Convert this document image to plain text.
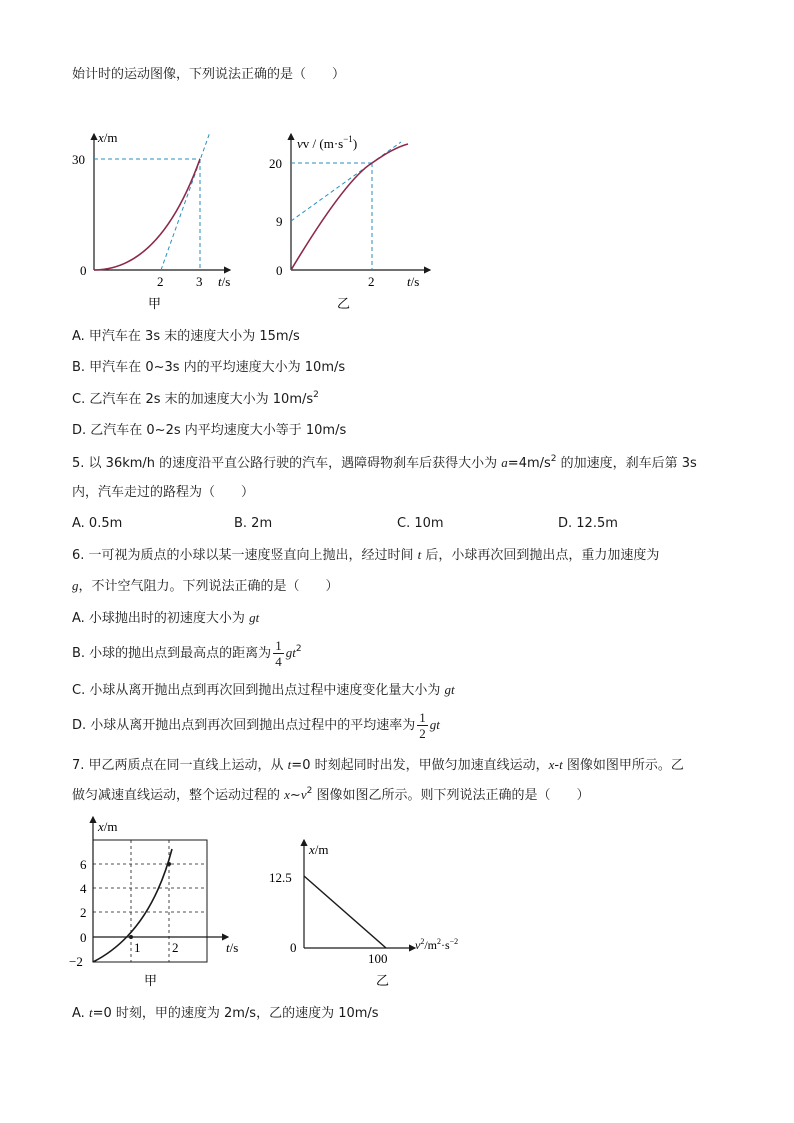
始计时的运动图像，下列说法正确的是（　　）
x/m
30
0
2	3 t/s
甲
vv / $(m\cdot s^{-1})$
20
9
0
2	t/s
乙
A. 甲汽车在 3s 末的速度大小为 15m/s
B. 甲汽车在 0~3s 内的平均速度大小为 10m/s
C. 乙汽车在 2s 末的加速度大小为 $10m/s^2$
D. 乙汽车在 0~2s 内平均速度大小等于 10m/s
5. 以 36km/h 的速度沿平直公路行驶的汽车，遇障碍物刹车后获得大小为 $a=4m/s^2$ 的加速度，刹车后第 3s
内，汽车走过的路程为（　　）
A. 0.5m	B. 2m	C. 10m	D. 12.5m
6. 一可视为质点的小球以某一速度竖直向上抛出，经过时间 t 后，小球再次回到抛出点，重力加速度为
g，不计空气阻力。下列说法正确的是（　　）
A. 小球抛出时的初速度大小为 gt
B. 小球的抛出点到最高点的距离为 $\frac{1}{4} gt^2$
C. 小球从离开抛出点到再次回到抛出点过程中速度变化量大小为 gt
D. 小球从离开抛出点到再次回到抛出点过程中的平均速率为 $\frac{1}{2}$ gt
7. 甲乙两质点在同一直线上运动，从 t=0 时刻起同时出发，甲做匀加速直线运动，x-t 图像如图甲所示。乙
做匀减速直线运动，整个运动过程的 $x\sim v^2$ 图像如图乙所示。则下列说法正确的是（　　）
x/m
6
4
2
0
−2
1 2	t/s
甲
x/m
12.5
0
100
$v^2/m^2\cdot s^{-2}$
乙
A. t=0 时刻，甲的速度为 2m/s，乙的速度为 10m/s
